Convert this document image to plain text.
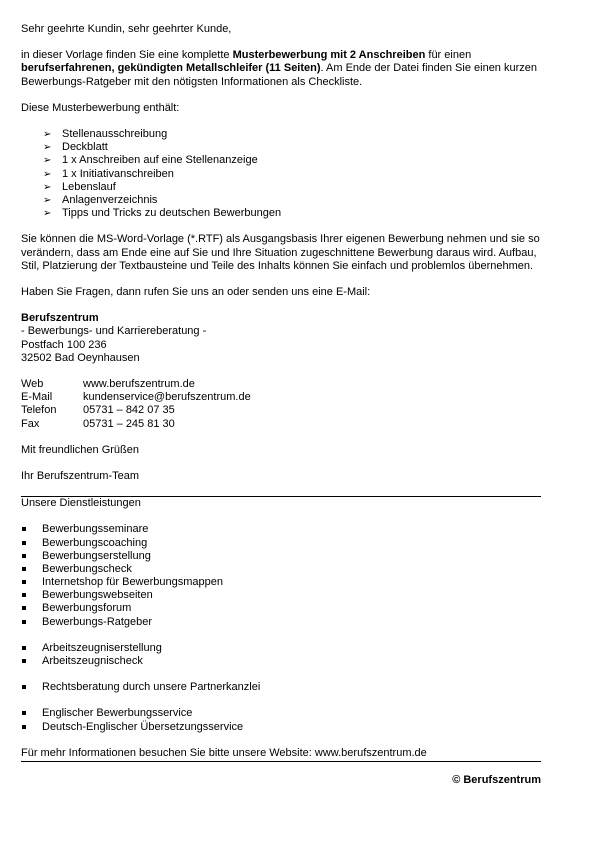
Sehr geehrte Kundin, sehr geehrter Kunde,

in dieser Vorlage finden Sie eine komplette Musterbewerbung mit 2 Anschreiben für einen berufserfahrenen, gekündigten Metallschleifer (11 Seiten). Am Ende der Datei finden Sie einen kurzen Bewerbungs-Ratgeber mit den nötigsten Informationen als Checkliste.

Diese Musterbewerbung enthält:

➢ Stellenausschreibung
➢ Deckblatt
➢ 1 x Anschreiben auf eine Stellenanzeige
➢ 1 x Initiativanschreiben
➢ Lebenslauf
➢ Anlagenverzeichnis
➢ Tipps und Tricks zu deutschen Bewerbungen

Sie können die MS-Word-Vorlage (*.RTF) als Ausgangsbasis Ihrer eigenen Bewerbung nehmen und sie so verändern, dass am Ende eine auf Sie und Ihre Situation zugeschnittene Bewerbung daraus wird. Aufbau, Stil, Platzierung der Textbausteine und Teile des Inhalts können Sie einfach und problemlos übernehmen.

Haben Sie Fragen, dann rufen Sie uns an oder senden uns eine E-Mail:

Berufszentrum

- Bewerbungs- und Karriereberatung -

Postfach 100 236

32502 Bad Oeynhausen

Web	www.berufszentrum.de
E-Mail	kundenservice@berufszentrum.de
Telefon	05731 – 842 07 35
Fax	05731 – 245 81 30

Mit freundlichen Grüßen

Ihr Berufszentrum-Team

Unsere Dienstleistungen

Bewerbungsseminare
Bewerbungscoaching
Bewerbungserstellung
Bewerbungscheck
Internetshop für Bewerbungsmappen
Bewerbungswebseiten
Bewerbungsforum
Bewerbungs-Ratgeber
Arbeitszeugniserstellung
Arbeitszeugnischeck
Rechtsberatung durch unsere Partnerkanzlei
Englischer Bewerbungsservice
Deutsch-Englischer Übersetzungsservice

Für mehr Informationen besuchen Sie bitte unsere Website: www.berufszentrum.de

© Berufszentrum
